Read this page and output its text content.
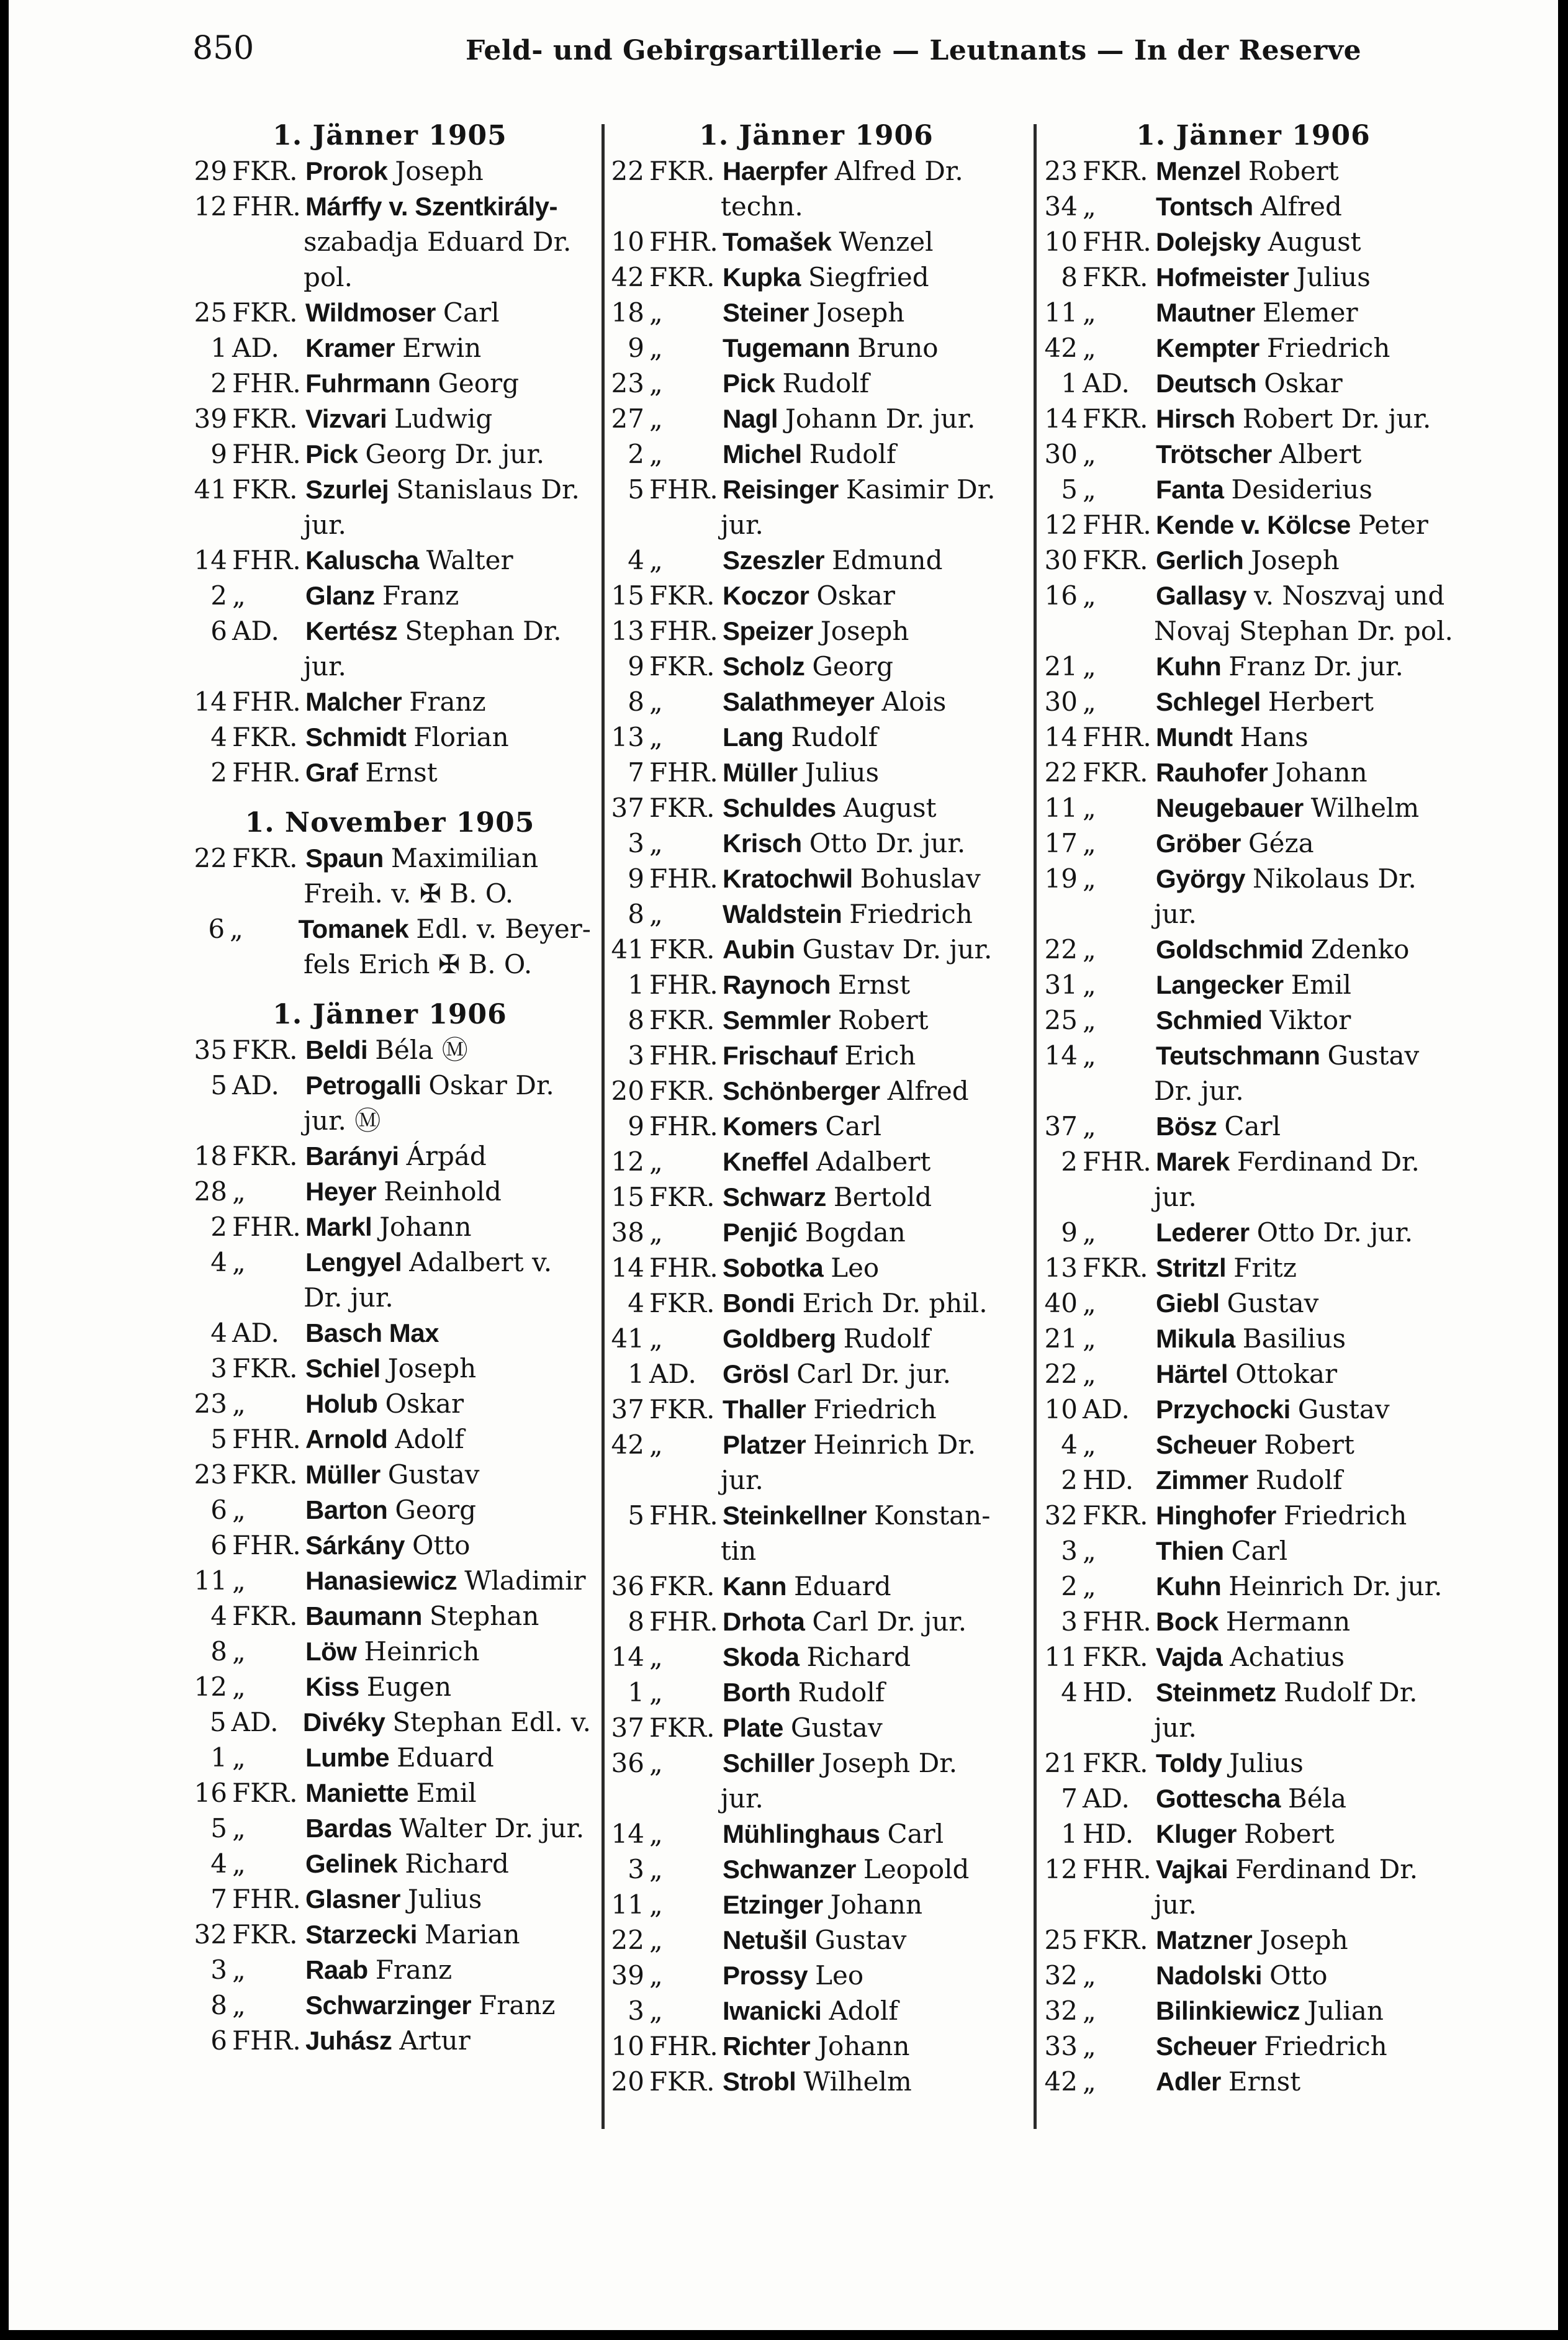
850	Feld- und Gebirgsartillerie — Leutnants — In der Reserve
1. Jänner 1905
29 FKR. Prorok Joseph
12 FHR. Márffy v. Szentkirály-
szabadja Eduard Dr.
pol.
25 FKR. Wildmoser Carl
1 AD.	Kramer Erwin
2 FHR. Fuhrmann Georg
39 FKR. Vizvari Ludwig
9 FHR. Pick Georg Dr. jur.
41 FKR. Szurlej Stanislaus Dr.
jur.
14 FHR. Kaluscha Walter
2 „	Glanz Franz
6 AD.	Kertész Stephan Dr.
jur.
14 FHR. Malcher Franz
4 FKR. Schmidt Florian
2 FHR. Graf Ernst
1. November 1905
22 FKR. Spaun Maximilian
Freih. v. ✠ B. O.
6 „	Tomanek Edl. v. Beyer-
fels Erich ✠ B. O.
1. Jänner 1906
35 FKR. Beldi Béla Ⓜ
5 AD.	Petrogalli Oskar Dr.
jur. Ⓜ
18 FKR. Barányi Árpád
28 „	Heyer Reinhold
2 FHR. Markl Johann
4 „	Lengyel Adalbert v.
Dr. jur.
4 AD.	Basch Max
3 FKR. Schiel Joseph
23 „	Holub Oskar
5 FHR. Arnold Adolf
23 FKR. Müller Gustav
6 „	Barton Georg
6 FHR. Sárkány Otto
11 „	Hanasiewicz Wladimir
4 FKR. Baumann Stephan
8 „	Löw Heinrich
12 „	Kiss Eugen
5 AD. Divéky Stephan Edl. v.
1 „	Lumbe Eduard
16 FKR. Maniette Emil
5 „	Bardas Walter Dr. jur.
4 „	Gelinek Richard
7 FHR. Glasner Julius
32 FKR. Starzecki Marian
3 „	Raab Franz
8 „	Schwarzinger Franz
6 FHR. Juhász Artur
1. Jänner 1906
22 FKR. Haerpfer Alfred Dr.
techn.
10 FHR. Tomašek Wenzel
42 FKR. Kupka Siegfried
18 „	Steiner Joseph
9 „	Tugemann Bruno
23 „	Pick Rudolf
27 „	Nagl Johann Dr. jur.
2 „	Michel Rudolf
5 FHR. Reisinger Kasimir Dr.
jur.
4 „	Szeszler Edmund
15 FKR. Koczor Oskar
13 FHR. Speizer Joseph
9 FKR. Scholz Georg
8 „	Salathmeyer Alois
13 „	Lang Rudolf
7 FHR. Müller Julius
37 FKR. Schuldes August
3 „	Krisch Otto Dr. jur.
9 FHR. Kratochwil Bohuslav
8 „	Waldstein Friedrich
41 FKR. Aubin Gustav Dr. jur.
1 FHR. Raynoch Ernst
8 FKR. Semmler Robert
3 FHR. Frischauf Erich
20 FKR. Schönberger Alfred
9 FHR. Komers Carl
12 „	Kneffel Adalbert
15 FKR. Schwarz Bertold
38 „	Penjić Bogdan
14 FHR. Sobotka Leo
4 FKR. Bondi Erich Dr. phil.
41 „	Goldberg Rudolf
1 AD.	Grösl Carl Dr. jur.
37 FKR. Thaller Friedrich
42 „	Platzer Heinrich Dr.
jur.
5 FHR. Steinkellner Konstan-
tin
36 FKR. Kann Eduard
8 FHR. Drhota Carl Dr. jur.
14 „	Skoda Richard
1 „	Borth Rudolf
37 FKR. Plate Gustav
36 „	Schiller Joseph Dr.
jur.
14 „	Mühlinghaus Carl
3 „	Schwanzer Leopold
11 „	Etzinger Johann
22 „	Netušil Gustav
39 „	Prossy Leo
3 „	Iwanicki Adolf
10 FHR. Richter Johann
20 FKR. Strobl Wilhelm
1. Jänner 1906
23 FKR. Menzel Robert
34 „	Tontsch Alfred
10 FHR. Dolejsky August
8 FKR. Hofmeister Julius
11 „	Mautner Elemer
42 „	Kempter Friedrich
1 AD.	Deutsch Oskar
14 FKR. Hirsch Robert Dr. jur.
30 „	Trötscher Albert
5 „	Fanta Desiderius
12 FHR. Kende v. Kölcse Peter
30 FKR. Gerlich Joseph
16 „	Gallasy v. Noszvaj und
Novaj Stephan Dr. pol.
21 „	Kuhn Franz Dr. jur.
30 „	Schlegel Herbert
14 FHR. Mundt Hans
22 FKR. Rauhofer Johann
11 „	Neugebauer Wilhelm
17 „	Gröber Géza
19 „	György Nikolaus Dr.
jur.
22 „	Goldschmid Zdenko
31 „	Langecker Emil
25 „	Schmied Viktor
14 „	Teutschmann Gustav
Dr. jur.
37 „	Bösz Carl
2 FHR. Marek Ferdinand Dr.
jur.
9 „	Lederer Otto Dr. jur.
13 FKR. Stritzl Fritz
40 „	Giebl Gustav
21 „	Mikula Basilius
22 „	Härtel Ottokar
10 AD.	Przychocki Gustav
4 „	Scheuer Robert
2 HD. Zimmer Rudolf
32 FKR. Hinghofer Friedrich
3 „	Thien Carl
2 „	Kuhn Heinrich Dr. jur.
3 FHR. Bock Hermann
11 FKR. Vajda Achatius
4 HD. Steinmetz Rudolf Dr.
jur.
21 FKR. Toldy Julius
7 AD.	Gotteschа Béla
1 HD. Kluger Robert
12 FHR. Vajkai Ferdinand Dr.
jur.
25 FKR. Matzner Joseph
32 „	Nadolski Otto
32 „	Bilinkiewicz Julian
33 „	Scheuer Friedrich
42 „	Adler Ernst
